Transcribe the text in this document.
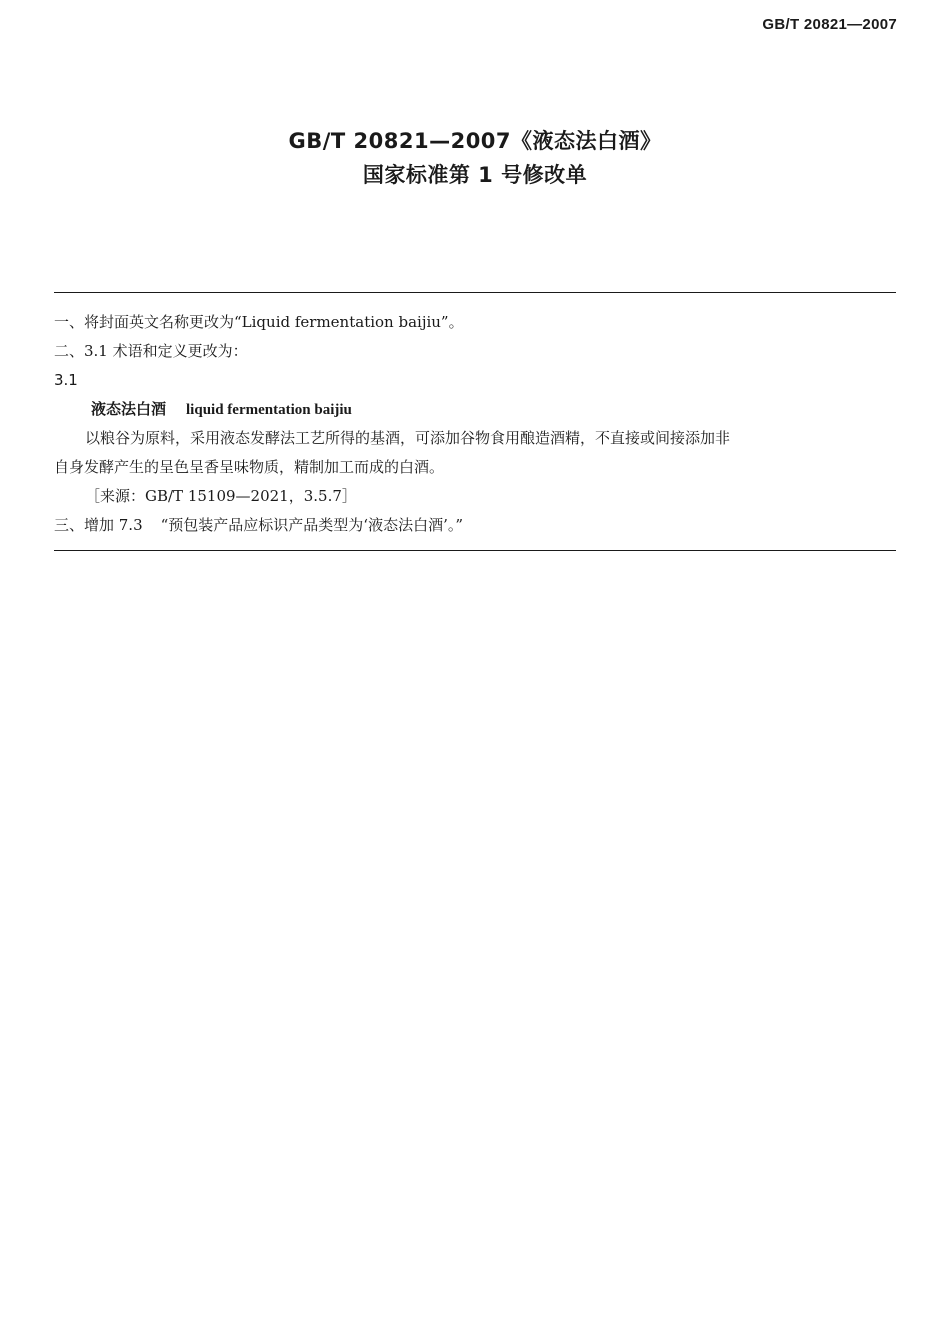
GB/T 20821—2007
GB/T 20821—2007《液态法白酒》
国家标准第 1 号修改单
一、将封面英文名称更改为“Liquid fermentation baijiu”。
二、3.1 术语和定义更改为：
3.1
液态法白酒 liquid fermentation baijiu
以粮谷为原料，采用液态发酵法工艺所得的基酒，可添加谷物食用酿造酒精，不直接或间接添加非
自身发酵产生的呈色呈香呈味物质，精制加工而成的白酒。
［来源：GB/T 15109—2021，3.5.7］
三、增加 7.3 “预包装产品应标识产品类型为‘液态法白酒’。”
